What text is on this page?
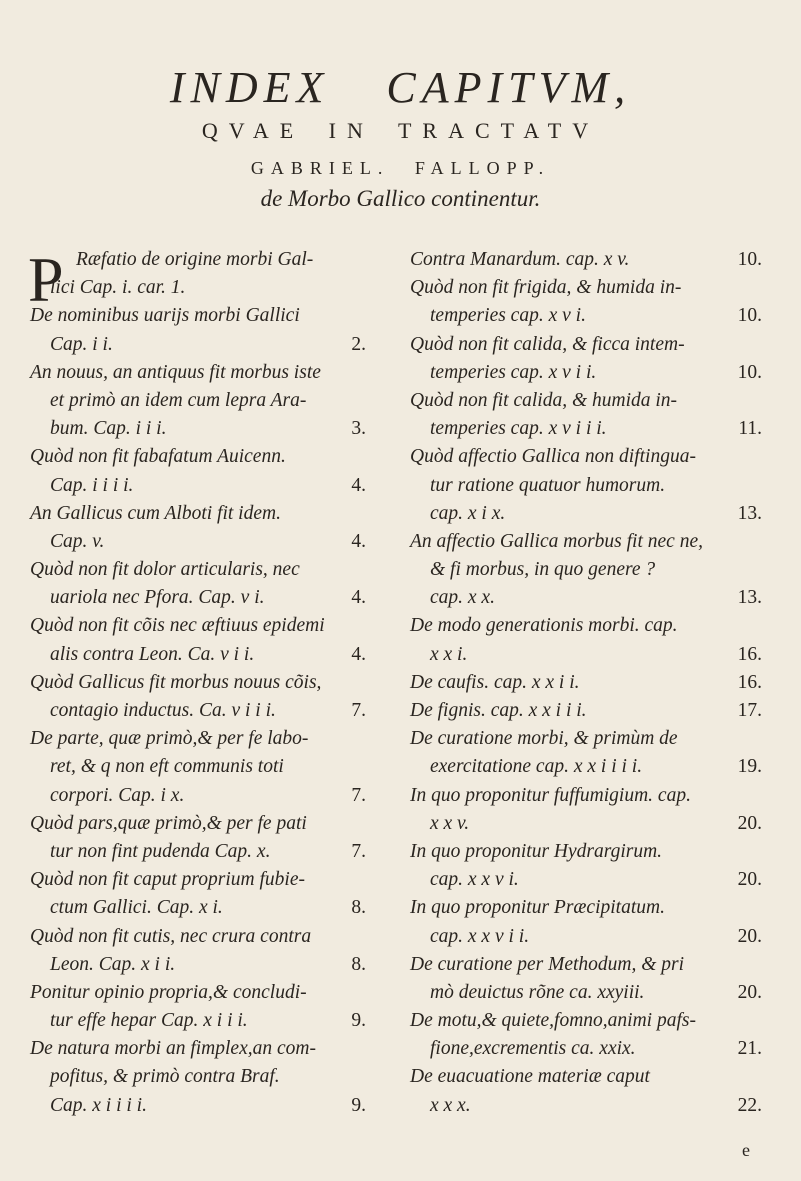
INDEX CAPITVM,
QVAE IN TRACTATV
GABRIEL. FALLOPP.
de Morbo Gallico continentur.
P Ræfatio de origine morbi Gal-
lici Cap. i. car. 1.
De nominibus uarijs morbi Gallici
Cap. i i.	2.
An nouus, an antiquus fit morbus iste
et primò an idem cum lepra Ara-
bum. Cap. i i i.	3.
Quòd non fit fabafatum Auicenn.
Cap. i i i i.	4.
An Gallicus cum Alboti fit idem.
Cap. v.	4.
Quòd non fit dolor articularis, nec
uariola nec Pfora. Cap. v i.	4.
Quòd non fit cõis nec æftiuus epidemi
alis contra Leon. Ca. v i i.	4.
Quòd Gallicus fit morbus nouus cõis,
contagio inductus. Ca. v i i i.	7.
De parte, quæ primò,& per fe labo-
ret, & q non eft communis toti
corpori. Cap. i x.	7.
Quòd pars,quæ primò,& per fe pati
tur non fint pudenda Cap. x.	7.
Quòd non fit caput proprium fubie-
ctum Gallici. Cap. x i.	8.
Quòd non fit cutis, nec crura contra
Leon. Cap. x i i.	8.
Ponitur opinio propria,& concludi-
tur effe hepar Cap. x i i i.	9.
De natura morbi an fimplex,an com-
pofitus, & primò contra Braf.
Cap. x i i i i.	9.
Contra Manardum. cap. x v.	10.
Quòd non fit frigida, & humida in-
temperies cap. x v i.	10.
Quòd non fit calida, & ficca intem-
temperies cap. x v i i.	10.
Quòd non fit calida, & humida in-
temperies cap. x v i i i.	11.
Quòd affectio Gallica non diftingua-
tur ratione quatuor humorum.
cap. x i x.	13.
An affectio Gallica morbus fit nec ne,
& fi morbus, in quo genere ?
cap. x x.	13.
De modo generationis morbi. cap.
x x i.	16.
De caufis. cap. x x i i.	16.
De fignis. cap. x x i i i.	17.
De curatione morbi, & primùm de
exercitatione cap. x x i i i i.	19.
In quo proponitur fuffumigium. cap.
x x v.	20.
In quo proponitur Hydrargirum.
cap. x x v i.	20.
In quo proponitur Præcipitatum.
cap. x x v i i.	20.
De curatione per Methodum, & pri
mò deuictus rõne ca. xxyiii.	20.
De motu,& quiete,fomno,animi pafs-
fione,excrementis ca. xxix.	21.
De euacuatione materiæ caput
x x x.	22.
e
